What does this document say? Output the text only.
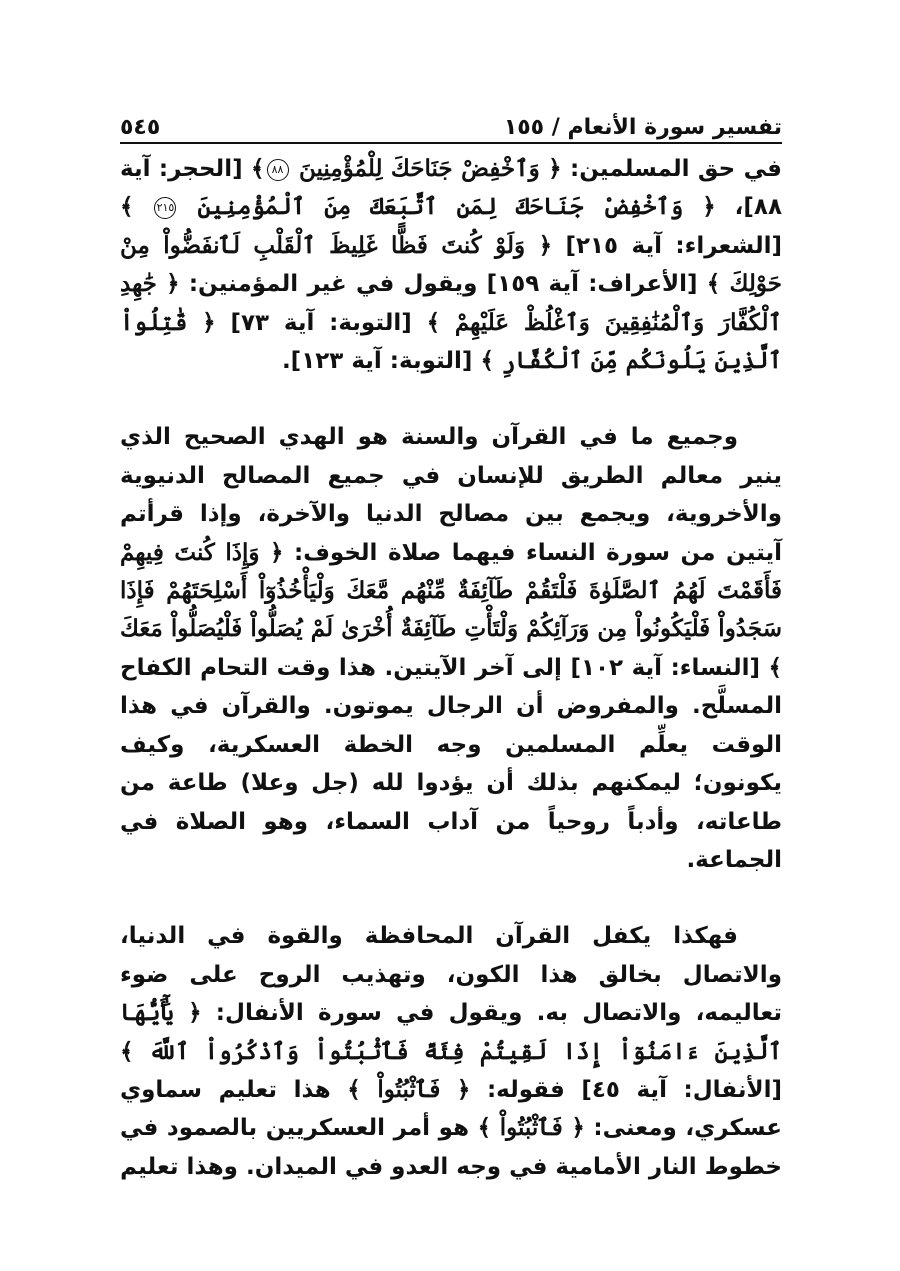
تفسير سورة الأنعام / ١٥٥
٥٤٥

في حق المسلمين: ﴿ وَٱخْفِضْ جَنَاحَكَ لِلْمُؤْمِنِينَ ٨٨﴾ [الحجر: آية ٨٨]، ﴿ وَٱخْفِضْ جَنَاحَكَ لِمَنِ ٱتَّبَعَكَ مِنَ ٱلْمُؤْمِنِينَ ٢١٥ ﴾ [الشعراء: آية ٢١٥] ﴿ وَلَوْ كُنتَ فَظًّا غَلِيظَ ٱلْقَلْبِ لَٱنفَضُّواْ مِنْ حَوْلِكَ ﴾ [الأعراف: آية ١٥٩] ويقول في غير المؤمنين: ﴿ جَٰهِدِ ٱلْكُفَّارَ وَٱلْمُنَٰفِقِينَ وَٱغْلُظْ عَلَيْهِمْ ﴾ [التوبة: آية ٧٣] ﴿ قَٰتِلُواْ ٱلَّذِينَ يَلُونَكُم مِّنَ ٱلْكُفَّارِ ﴾ [التوبة: آية ١٢٣].

وجميع ما في القرآن والسنة هو الهدي الصحيح الذي ينير معالم الطريق للإنسان في جميع المصالح الدنيوية والأخروية، ويجمع بين مصالح الدنيا والآخرة، وإذا قرأتم آيتين من سورة النساء فيهما صلاة الخوف: ﴿ وَإِذَا كُنتَ فِيهِمْ فَأَقَمْتَ لَهُمُ ٱلصَّلَوٰةَ فَلْتَقُمْ طَآئِفَةٌ مِّنْهُم مَّعَكَ وَلْيَأْخُذُوٓاْ أَسْلِحَتَهُمْ فَإِذَا سَجَدُواْ فَلْيَكُونُواْ مِن وَرَآئِكُمْ وَلْتَأْتِ طَآئِفَةٌ أُخْرَىٰ لَمْ يُصَلُّواْ فَلْيُصَلُّواْ مَعَكَ ﴾ [النساء: آية ١٠٢] إلى آخر الآيتين. هذا وقت التحام الكفاح المسلَّح. والمفروض أن الرجال يموتون. والقرآن في هذا الوقت يعلِّم المسلمين وجه الخطة العسكرية، وكيف يكونون؛ ليمكنهم بذلك أن يؤدوا لله (جل وعلا) طاعة من طاعاته، وأدباً روحياً من آداب السماء، وهو الصلاة في الجماعة.

فهكذا يكفل القرآن المحافظة والقوة في الدنيا، والاتصال بخالق هذا الكون، وتهذيب الروح على ضوء تعاليمه، والاتصال به. ويقول في سورة الأنفال: ﴿ يَٰٓأَيُّهَا ٱلَّذِينَ ءَامَنُوٓاْ إِذَا لَقِيتُمْ فِئَةً فَٱثْبُتُواْ وَٱذْكُرُواْ ٱللَّهَ ﴾ [الأنفال: آية ٤٥] فقوله: ﴿ فَٱثْبُتُواْ ﴾ هذا تعليم سماوي عسكري، ومعنى: ﴿ فَٱثْبُتُواْ ﴾ هو أمر العسكريين بالصمود في خطوط النار الأمامية في وجه العدو في الميدان. وهذا تعليم
